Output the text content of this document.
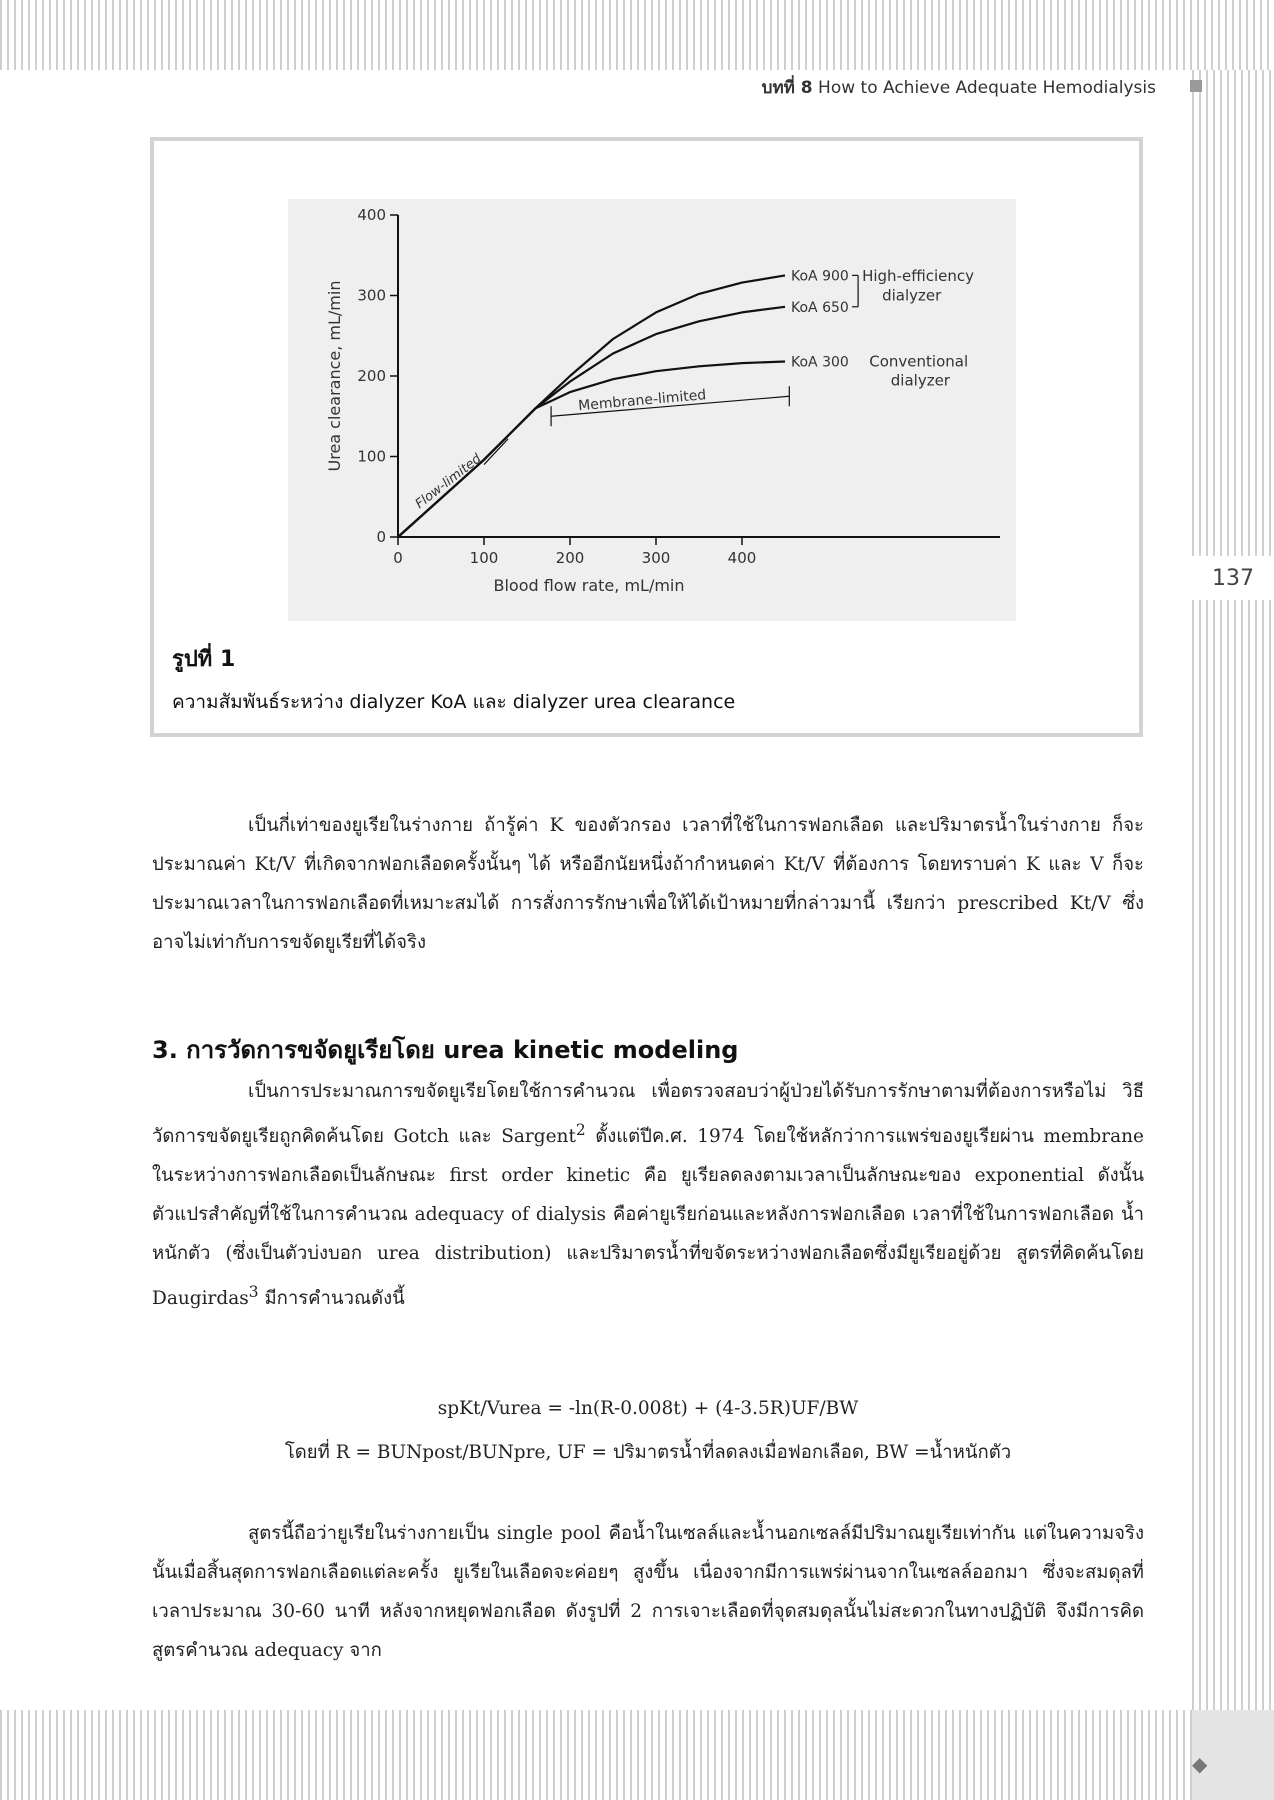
◆
บทที่ 8 How to Achieve Adequate Hemodialysis
137
0
100
200
300
400
0	100	200	300	400
Blood flow rate, mL/min
Urea clearance, mL/min
KoA 900
KoA 650
KoA 300
Flow-limited
Membrane-limited
High-efficiency
dialyzer
Conventional
dialyzer
รูปที่ 1
ความสัมพันธ์ระหว่าง dialyzer KoA และ dialyzer urea clearance

เป็นกี่เท่าของยูเรียในร่างกาย ถ้ารู้ค่า K ของตัวกรอง เวลาที่ใช้ในการฟอกเลือด และปริมาตรน้ำในร่างกาย ก็จะประมาณค่า Kt/V ที่เกิดจากฟอกเลือดครั้งนั้นๆ ได้ หรืออีกนัยหนึ่งถ้ากำหนดค่า Kt/V ที่ต้องการ โดยทราบค่า K และ V ก็จะประมาณเวลาในการฟอกเลือดที่เหมาะสมได้ การสั่งการรักษาเพื่อให้ได้เป้าหมายที่กล่าวมานี้ เรียกว่า prescribed Kt/V ซึ่งอาจไม่เท่ากับการขจัดยูเรียที่ได้จริง

3. การวัดการขจัดยูเรียโดย urea kinetic modeling

เป็นการประมาณการขจัดยูเรียโดยใช้การคำนวณ เพื่อตรวจสอบว่าผู้ป่วยได้รับการรักษาตามที่ต้องการหรือไม่ วิธีวัดการขจัดยูเรียถูกคิดค้นโดย Gotch และ Sargent$^2$ ตั้งแต่ปีค.ศ. 1974 โดยใช้หลักว่าการแพร่ของยูเรียผ่าน membrane ในระหว่างการฟอกเลือดเป็นลักษณะ first order kinetic คือ ยูเรียลดลงตามเวลาเป็นลักษณะของ exponential ดังนั้นตัวแปรสำคัญที่ใช้ในการคำนวณ adequacy of dialysis คือค่ายูเรียก่อนและหลังการฟอกเลือด เวลาที่ใช้ในการฟอกเลือด น้ำหนักตัว (ซึ่งเป็นตัวบ่งบอก urea distribution) และปริมาตรน้ำที่ขจัดระหว่างฟอกเลือดซึ่งมียูเรียอยู่ด้วย สูตรที่คิดค้นโดย Daugirdas$^3$ มีการคำนวณดังนี้

spKt/Vurea = -ln(R-0.008t) + (4-3.5R)UF/BW

โดยที่ R = BUNpost/BUNpre, UF = ปริมาตรน้ำที่ลดลงเมื่อฟอกเลือด, BW =น้ำหนักตัว

สูตรนี้ถือว่ายูเรียในร่างกายเป็น single pool คือน้ำในเซลล์และน้ำนอกเซลล์มีปริมาณยูเรียเท่ากัน แต่ในความจริงนั้นเมื่อสิ้นสุดการฟอกเลือดแต่ละครั้ง ยูเรียในเลือดจะค่อยๆ สูงขึ้น เนื่องจากมีการแพร่ผ่านจากในเซลล์ออกมา ซึ่งจะสมดุลที่เวลาประมาณ 30-60 นาที หลังจากหยุดฟอกเลือด ดังรูปที่ 2 การเจาะเลือดที่จุดสมดุลนั้นไม่สะดวกในทางปฏิบัติ จึงมีการคิดสูตรคำนวณ adequacy จาก
